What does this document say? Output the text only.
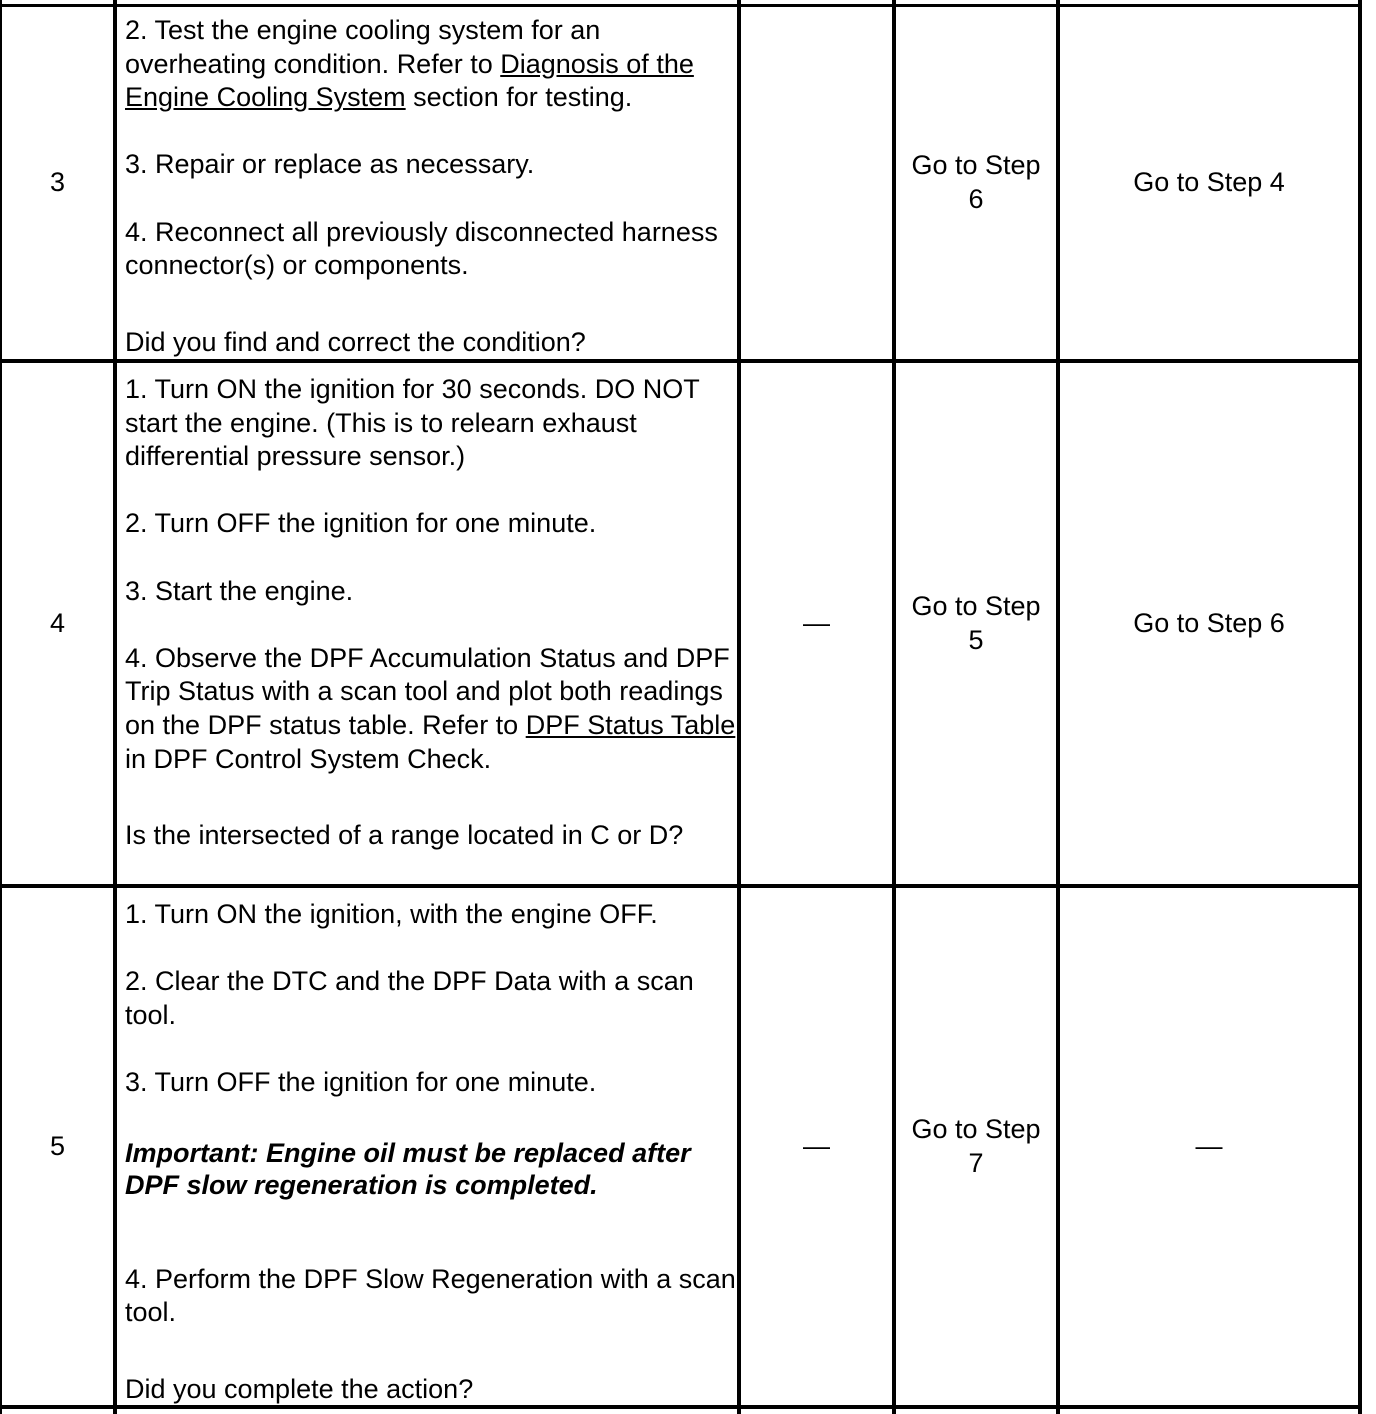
3

2. Test the engine cooling system for an overheating condition. Refer to Diagnosis of the Engine Cooling System section for testing.

3. Repair or replace as necessary.

4. Reconnect all previously disconnected harness connector(s) or components.

Did you find and correct the condition?

Go to Step 6
Go to Step 4
4

1. Turn ON the ignition for 30 seconds. DO NOT start the engine. (This is to relearn exhaust differential pressure sensor.)

2. Turn OFF the ignition for one minute.

3. Start the engine.

4. Observe the DPF Accumulation Status and DPF Trip Status with a scan tool and plot both readings on the DPF status table. Refer to DPF Status Table in DPF Control System Check.

Is the intersected of a range located in C or D?

—
Go to Step 5
Go to Step 6
5

1. Turn ON the ignition, with the engine OFF.

2. Clear the DTC and the DPF Data with a scan tool.

3. Turn OFF the ignition for one minute.

Important: Engine oil must be replaced after DPF slow regeneration is completed.

4. Perform the DPF Slow Regeneration with a scan tool.

Did you complete the action?

—
Go to Step 7
—
